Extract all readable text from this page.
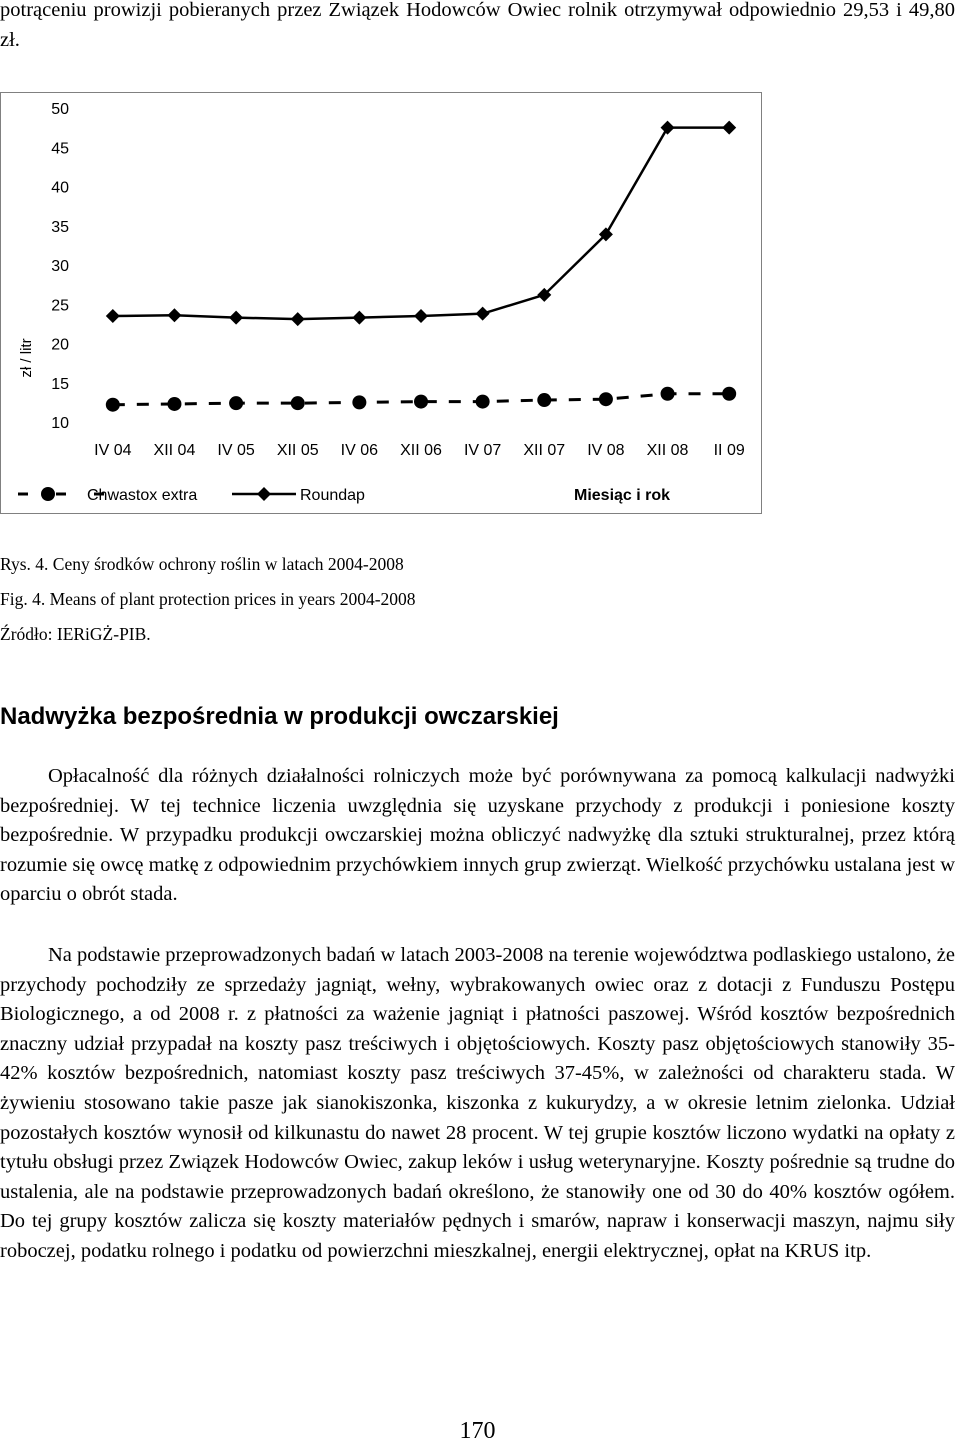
potrąceniu prowizji pobieranych przez Związek Hodowców Owiec rolnik otrzymywał odpowiednio 29,53 i 49,80 zł.

zł / litr
10
15
20
25
30
35
40
45
50
IV 04 XII 04 IV 05 XII 05 IV 06 XII 06 IV 07 XII 07 IV 08 XII 08 II 09
Chwastox extra	Roundap	Miesiąc i rok

Rys. 4. Ceny środków ochrony roślin w latach 2004-2008

Fig. 4. Means of plant protection prices in years 2004-2008

Źródło: IERiGŻ-PIB.

Nadwyżka bezpośrednia w produkcji owczarskiej

Opłacalność dla różnych działalności rolniczych może być porównywana za pomocą kalkulacji nadwyżki bezpośredniej. W tej technice liczenia uwzględnia się uzyskane przychody z produkcji i poniesione koszty bezpośrednie. W przypadku produkcji owczarskiej można obliczyć nadwyżkę dla sztuki strukturalnej, przez którą rozumie się owcę matkę z odpowiednim przychówkiem innych grup zwierząt. Wielkość przychówku ustalana jest w oparciu o obrót stada.

Na podstawie przeprowadzonych badań w latach 2003-2008 na terenie województwa podlaskiego ustalono, że przychody pochodziły ze sprzedaży jagniąt, wełny, wybrakowanych owiec oraz z dotacji z Funduszu Postępu Biologicznego, a od 2008 r. z płatności za ważenie jagniąt i płatności paszowej. Wśród kosztów bezpośrednich znaczny udział przypadał na koszty pasz treściwych i objętościowych. Koszty pasz objętościowych stanowiły 35-42% kosztów bezpośrednich, natomiast koszty pasz treściwych 37-45%, w zależności od charakteru stada. W żywieniu stosowano takie pasze jak sianokiszonka, kiszonka z kukurydzy, a w okresie letnim zielonka. Udział pozostałych kosztów wynosił od kilkunastu do nawet 28 procent. W tej grupie kosztów liczono wydatki na opłaty z tytułu obsługi przez Związek Hodowców Owiec, zakup leków i usług weterynaryjne. Koszty pośrednie są trudne do ustalenia, ale na podstawie przeprowadzonych badań określono, że stanowiły one od 30 do 40% kosztów ogółem. Do tej grupy kosztów zalicza się koszty materiałów pędnych i smarów, napraw i konserwacji maszyn, najmu siły roboczej, podatku rolnego i podatku od powierzchni mieszkalnej, energii elektrycznej, opłat na KRUS itp.

170
